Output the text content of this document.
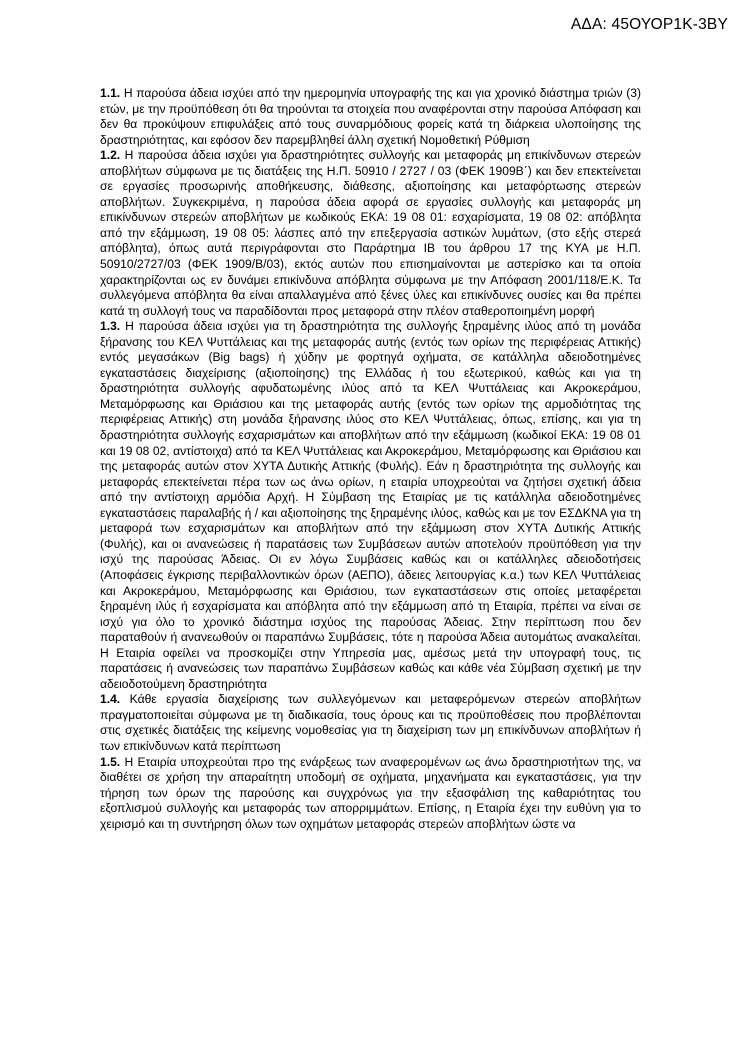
ΑΔΑ: 45ΟΥΟΡ1Κ-3ΒΥ

1.1. Η παρούσα άδεια ισχύει από την ημερομηνία υπογραφής της και για χρονικό διάστημα τριών (3) ετών, με την προϋπόθεση ότι θα τηρούνται τα στοιχεία που αναφέρονται στην παρούσα Απόφαση και δεν θα προκύψουν επιφυλάξεις από τους συναρμόδιους φορείς κατά τη διάρκεια υλοποίησης της δραστηριότητας, και εφόσον δεν παρεμβληθεί άλλη σχετική Νομοθετική Ρύθμιση

1.2. Η παρούσα άδεια ισχύει για δραστηριότητες συλλογής και μεταφοράς μη επικίνδυνων στερεών αποβλήτων σύμφωνα με τις διατάξεις της Η.Π. 50910 / 2727 / 03 (ΦΕΚ 1909Β΄) και δεν επεκτείνεται σε εργασίες προσωρινής αποθήκευσης, διάθεσης, αξιοποίησης και μεταφόρτωσης στερεών αποβλήτων. Συγκεκριμένα, η παρούσα άδεια αφορά σε εργασίες συλλογής και μεταφοράς μη επικίνδυνων στερεών αποβλήτων με κωδικούς ΕΚΑ: 19 08 01: εσχαρίσματα, 19 08 02: απόβλητα από την εξάμμωση, 19 08 05: λάσπες από την επεξεργασία αστικών λυμάτων, (στο εξής στερεά απόβλητα), όπως αυτά περιγράφονται στο Παράρτημα ΙΒ του άρθρου 17 της ΚΥΑ με Η.Π. 50910/2727/03 (ΦΕΚ 1909/Β/03), εκτός αυτών που επισημαίνονται με αστερίσκο και τα οποία χαρακτηρίζονται ως εν δυνάμει επικίνδυνα απόβλητα σύμφωνα με την Απόφαση 2001/118/Ε.Κ. Τα συλλεγόμενα απόβλητα θα είναι απαλλαγμένα από ξένες ύλες και επικίνδυνες ουσίες και θα πρέπει κατά τη συλλογή τους να παραδίδονται προς μεταφορά στην πλέον σταθεροποιημένη μορφή

1.3. Η παρούσα άδεια ισχύει για τη δραστηριότητα της συλλογής ξηραμένης ιλύος από τη μονάδα ξήρανσης του ΚΕΛ Ψυττάλειας και της μεταφοράς αυτής (εντός των ορίων της περιφέρειας Αττικής) εντός μεγασάκων (Big bags) ή χύδην με φορτηγά οχήματα, σε κατάλληλα αδειοδοτημένες εγκαταστάσεις διαχείρισης (αξιοποίησης) της Ελλάδας ή του εξωτερικού, καθώς και για τη δραστηριότητα συλλογής αφυδατωμένης ιλύος από τα ΚΕΛ Ψυττάλειας και Ακροκεράμου, Μεταμόρφωσης και Θριάσιου και της μεταφοράς αυτής (εντός των ορίων της αρμοδιότητας της περιφέρειας Αττικής) στη μονάδα ξήρανσης ιλύος στο ΚΕΛ Ψυττάλειας, όπως, επίσης, και για τη δραστηριότητα συλλογής εσχαρισμάτων και αποβλήτων από την εξάμμωση (κωδικοί ΕΚΑ: 19 08 01 και 19 08 02, αντίστοιχα) από τα ΚΕΛ Ψυττάλειας και Ακροκεράμου, Μεταμόρφωσης και Θριάσιου και της μεταφοράς αυτών στον ΧΥΤΑ Δυτικής Αττικής (Φυλής). Εάν η δραστηριότητα της συλλογής και μεταφοράς επεκτείνεται πέρα των ως άνω ορίων, η εταιρία υποχρεούται να ζητήσει σχετική άδεια από την αντίστοιχη αρμόδια Αρχή. Η Σύμβαση της Εταιρίας με τις κατάλληλα αδειοδοτημένες εγκαταστάσεις παραλαβής ή / και αξιοποίησης της ξηραμένης ιλύος, καθώς και με τον ΕΣΔΚΝΑ για τη μεταφορά των εσχαρισμάτων και αποβλήτων από την εξάμμωση στον ΧΥΤΑ Δυτικής Αττικής (Φυλής), και οι ανανεώσεις ή παρατάσεις των Συμβάσεων αυτών αποτελούν προϋπόθεση για την ισχύ της παρούσας Άδειας. Οι εν λόγω Συμβάσεις καθώς και οι κατάλληλες αδειοδοτήσεις (Αποφάσεις έγκρισης περιβαλλοντικών όρων (ΑΕΠΟ), άδειες λειτουργίας κ.α.) των ΚΕΛ Ψυττάλειας και Ακροκεράμου, Μεταμόρφωσης και Θριάσιου, των εγκαταστάσεων στις οποίες μεταφέρεται ξηραμένη ιλύς ή εσχαρίσματα και απόβλητα από την εξάμμωση από τη Εταιρία, πρέπει να είναι σε ισχύ για όλο το χρονικό διάστημα ισχύος της παρούσας Άδειας. Στην περίπτωση που δεν παραταθούν ή ανανεωθούν οι παραπάνω Συμβάσεις, τότε η παρούσα Άδεια αυτομάτως ανακαλείται. Η Εταιρία οφείλει να προσκομίζει στην Υπηρεσία μας, αμέσως μετά την υπογραφή τους, τις παρατάσεις ή ανανεώσεις των παραπάνω Συμβάσεων καθώς και κάθε νέα Σύμβαση σχετική με την αδειοδοτούμενη δραστηριότητα

1.4. Κάθε εργασία διαχείρισης των συλλεγόμενων και μεταφερόμενων στερεών αποβλήτων πραγματοποιείται σύμφωνα με τη διαδικασία, τους όρους και τις προϋποθέσεις που προβλέπονται στις σχετικές διατάξεις της κείμενης νομοθεσίας για τη διαχείριση των μη επικίνδυνων αποβλήτων ή των επικίνδυνων κατά περίπτωση

1.5. Η Εταιρία υποχρεούται προ της ενάρξεως των αναφερομένων ως άνω δραστηριοτήτων της, να διαθέτει σε χρήση την απαραίτητη υποδομή σε οχήματα, μηχανήματα και εγκαταστάσεις, για την τήρηση των όρων της παρούσης και συγχρόνως για την εξασφάλιση της καθαριότητας του εξοπλισμού συλλογής και μεταφοράς των απορριμμάτων. Επίσης, η Εταιρία έχει την ευθύνη για το χειρισμό και τη συντήρηση όλων των οχημάτων μεταφοράς στερεών αποβλήτων ώστε να
